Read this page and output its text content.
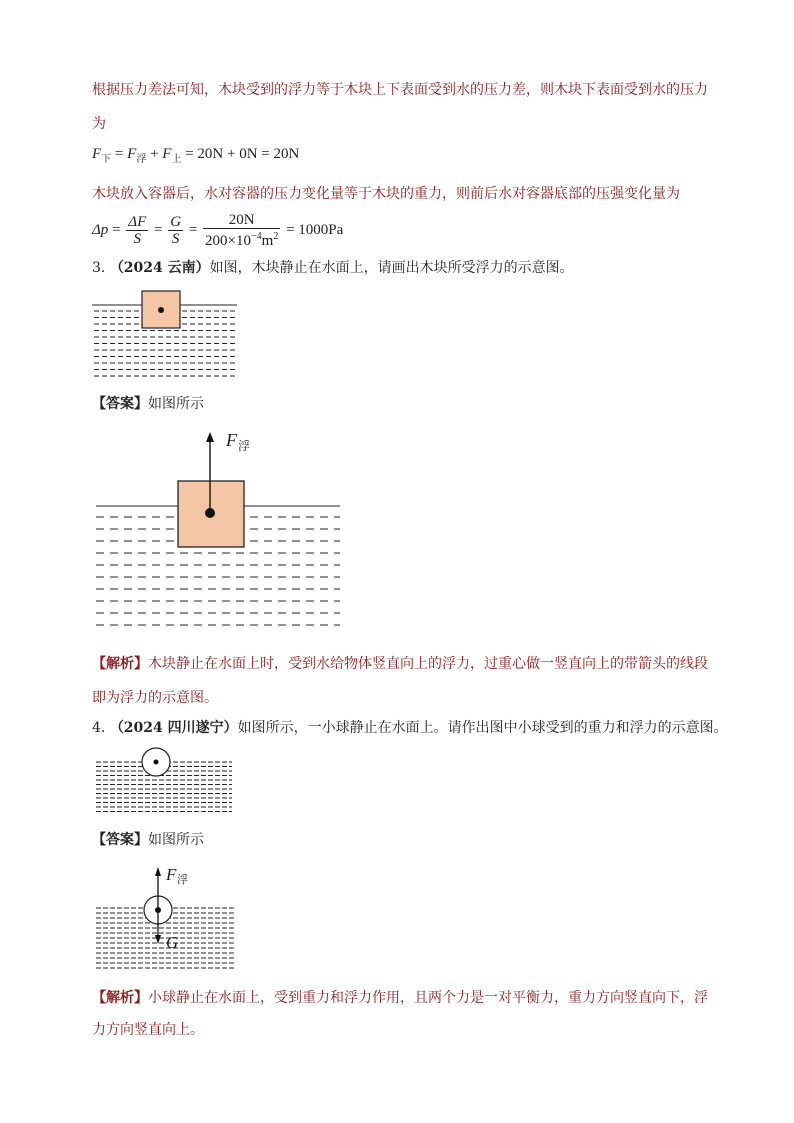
根据压力差法可知，木块受到的浮力等于木块上下表面受到水的压力差，则木块下表面受到水的压力
为
$F_下 = F_浮 + F_上 = 20N + 0N = 20N$
木块放入容器后，水对容器的压力变化量等于木块的重力，则前后水对容器底部的压强变化量为
$\Delta p = \frac{\Delta F}{S} = \frac{G}{S} = \frac{20N}{200\times 10^{-4}m^2} = 1000Pa$
3. （2024 云南）如图，木块静止在水面上，请画出木块所受浮力的示意图。
【答案】如图所示
F 浮
【解析】木块静止在水面上时，受到水给物体竖直向上的浮力，过重心做一竖直向上的带箭头的线段
即为浮力的示意图。
4. （2024 四川遂宁）如图所示，一小球静止在水面上。请作出图中小球受到的重力和浮力的示意图。
【答案】如图所示
F 浮
G
【解析】小球静止在水面上，受到重力和浮力作用，且两个力是一对平衡力，重力方向竖直向下，浮
力方向竖直向上。
